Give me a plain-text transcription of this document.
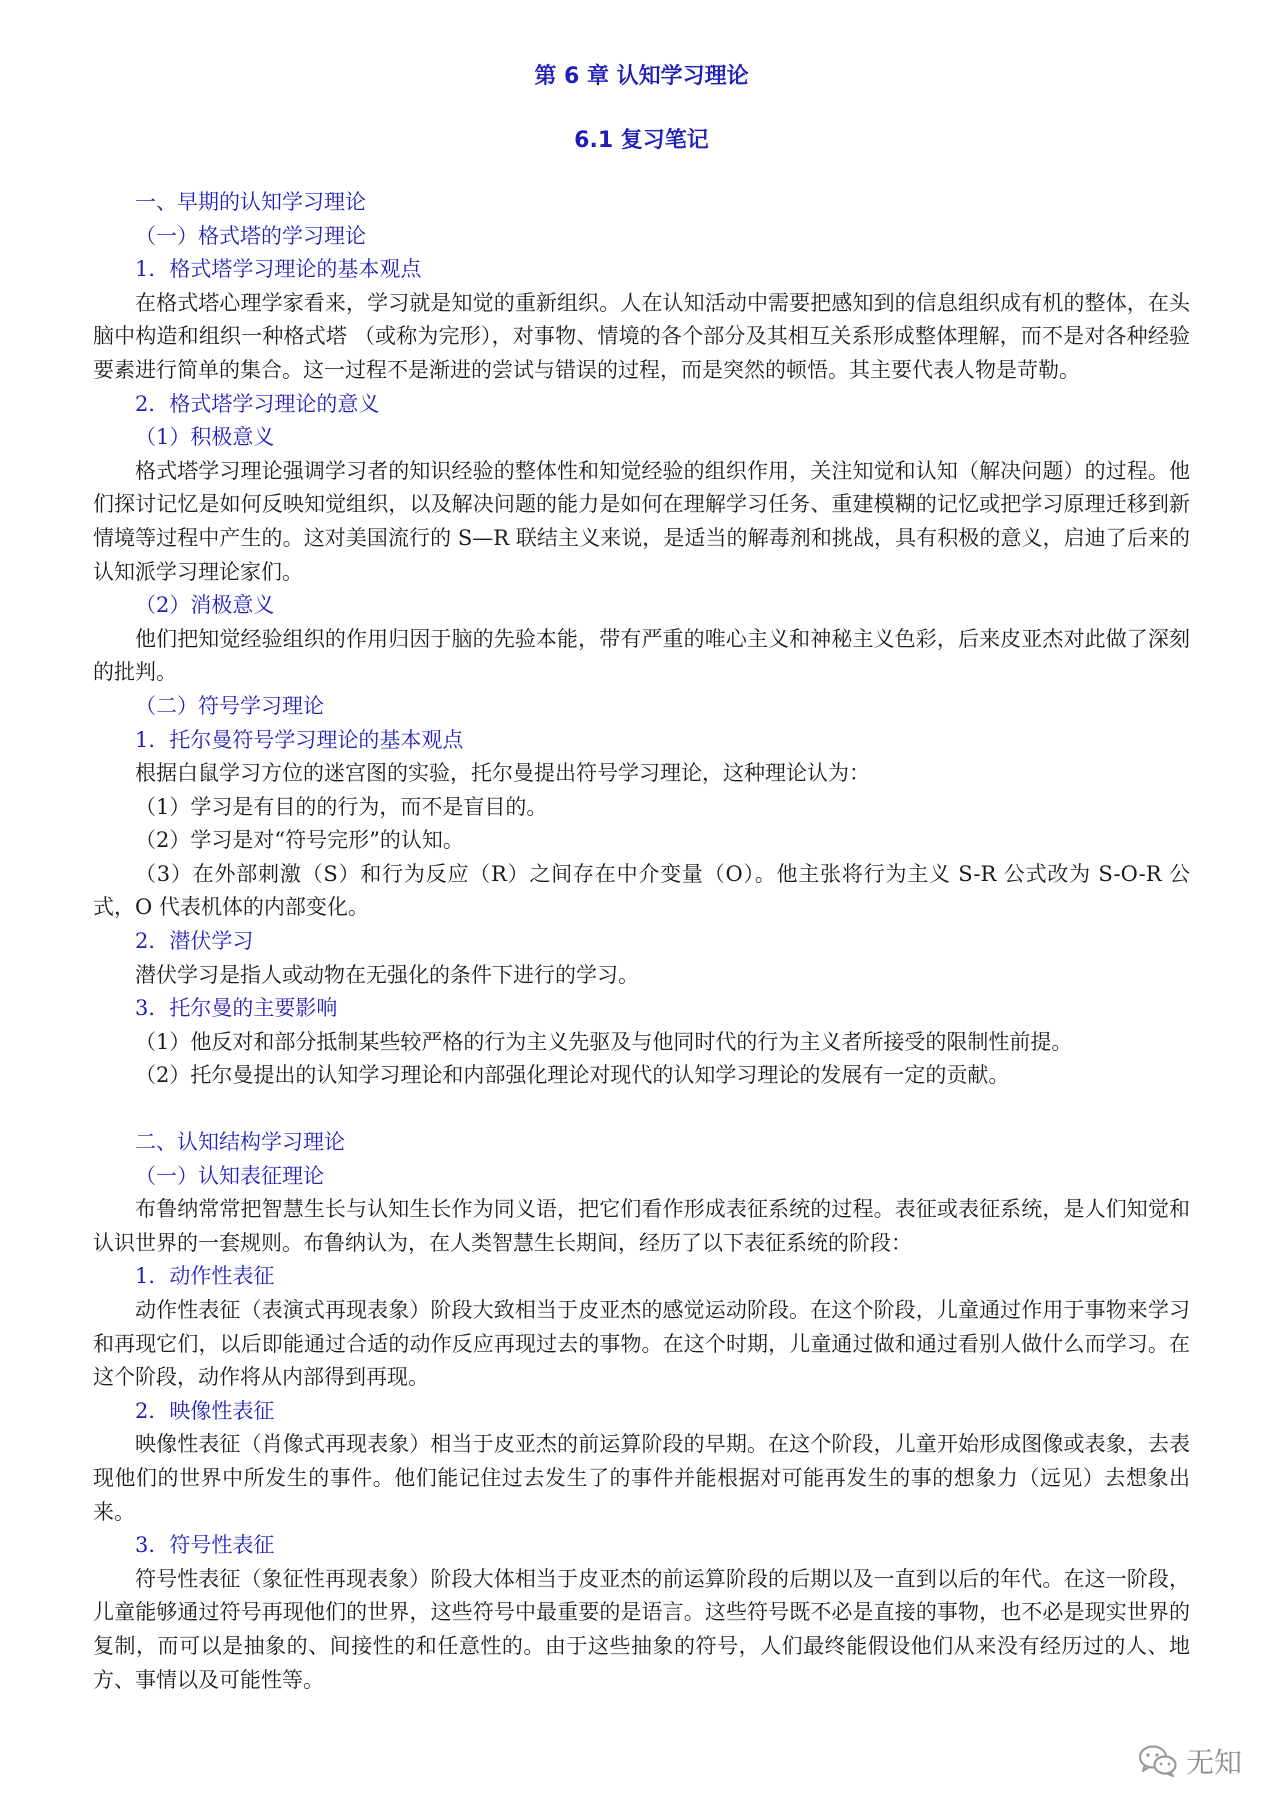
第 6 章 认知学习理论
6.1 复习笔记

一、早期的认知学习理论

（一）格式塔的学习理论

1．格式塔学习理论的基本观点

在格式塔心理学家看来，学习就是知觉的重新组织。人在认知活动中需要把感知到的信息组织成有机的整体，在头脑中构造和组织一种格式塔 （或称为完形），对事物、情境的各个部分及其相互关系形成整体理解，而不是对各种经验要素进行简单的集合。这一过程不是渐进的尝试与错误的过程，而是突然的顿悟。其主要代表人物是苛勒。

2．格式塔学习理论的意义

（1）积极意义

格式塔学习理论强调学习者的知识经验的整体性和知觉经验的组织作用，关注知觉和认知（解决问题）的过程。他们探讨记忆是如何反映知觉组织，以及解决问题的能力是如何在理解学习任务、重建模糊的记忆或把学习原理迁移到新情境等过程中产生的。这对美国流行的 S—R 联结主义来说，是适当的解毒剂和挑战，具有积极的意义，启迪了后来的认知派学习理论家们。

（2）消极意义

他们把知觉经验组织的作用归因于脑的先验本能，带有严重的唯心主义和神秘主义色彩，后来皮亚杰对此做了深刻的批判。

（二）符号学习理论

1．托尔曼符号学习理论的基本观点

根据白鼠学习方位的迷宫图的实验，托尔曼提出符号学习理论，这种理论认为：

（1）学习是有目的的行为，而不是盲目的。

（2）学习是对“符号完形”的认知。

（3）在外部刺激（S）和行为反应（R）之间存在中介变量（O）。他主张将行为主义 S-R 公式改为 S-O-R 公式，O 代表机体的内部变化。

2．潜伏学习

潜伏学习是指人或动物在无强化的条件下进行的学习。

3．托尔曼的主要影响

（1）他反对和部分抵制某些较严格的行为主义先驱及与他同时代的行为主义者所接受的限制性前提。

（2）托尔曼提出的认知学习理论和内部强化理论对现代的认知学习理论的发展有一定的贡献。

二、认知结构学习理论

（一）认知表征理论

布鲁纳常常把智慧生长与认知生长作为同义语，把它们看作形成表征系统的过程。表征或表征系统，是人们知觉和认识世界的一套规则。布鲁纳认为，在人类智慧生长期间，经历了以下表征系统的阶段：

1．动作性表征

动作性表征（表演式再现表象）阶段大致相当于皮亚杰的感觉运动阶段。在这个阶段，儿童通过作用于事物来学习和再现它们，以后即能通过合适的动作反应再现过去的事物。在这个时期，儿童通过做和通过看别人做什么而学习。在这个阶段，动作将从内部得到再现。

2．映像性表征

映像性表征（肖像式再现表象）相当于皮亚杰的前运算阶段的早期。在这个阶段，儿童开始形成图像或表象，去表现他们的世界中所发生的事件。他们能记住过去发生了的事件并能根据对可能再发生的事的想象力（远见）去想象出来。

3．符号性表征

符号性表征（象征性再现表象）阶段大体相当于皮亚杰的前运算阶段的后期以及一直到以后的年代。在这一阶段，儿童能够通过符号再现他们的世界，这些符号中最重要的是语言。这些符号既不必是直接的事物，也不必是现实世界的复制，而可以是抽象的、间接性的和任意性的。由于这些抽象的符号，人们最终能假设他们从来没有经历过的人、地方、事情以及可能性等。

无知
